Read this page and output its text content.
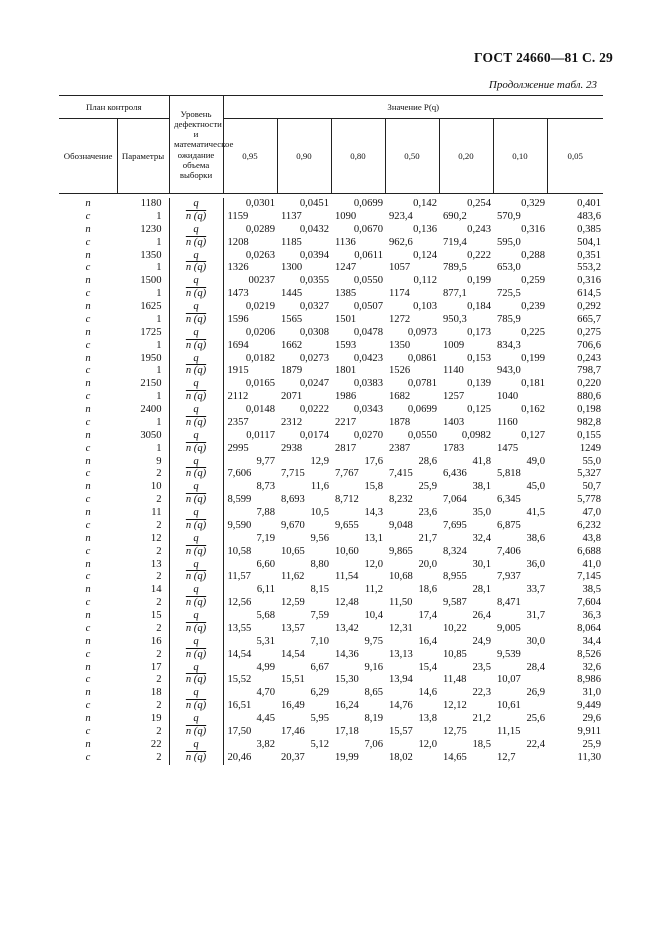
ГОСТ 24660—81 С. 29
Продолжение табл. 23
План контроля		Уровень дефектности и математическое ожидание объема выборки	Значение P(q)						
Обозначение	Параметры		0,95	0,90	0,80	0,50	0,20	0,10	0,05

n	1180	q	0,0301	0,0451	0,0699	0,142	0,254	0,329	0,401
c	1	n (q)	1159	1137	1090	923,4	690,2	570,9	483,6
n	1230	q	0,0289	0,0432	0,0670	0,136	0,243	0,316	0,385
c	1	n (q)	1208	1185	1136	962,6	719,4	595,0	504,1
n	1350	q	0,0263	0,0394	0,0611	0,124	0,222	0,288	0,351
c	1	n (q)	1326	1300	1247	1057	789,5	653,0	553,2
n	1500	q	00237	0,0355	0,0550	0,112	0,199	0,259	0,316
c	1	n (q)	1473	1445	1385	1174	877,1	725,5	614,5
n	1625	q	0,0219	0,0327	0,0507	0,103	0,184	0,239	0,292
c	1	n (q)	1596	1565	1501	1272	950,3	785,9	665,7
n	1725	q	0,0206	0,0308	0,0478	0,0973	0,173	0,225	0,275
c	1	n (q)	1694	1662	1593	1350	1009	834,3	706,6
n	1950	q	0,0182	0,0273	0,0423	0,0861	0,153	0,199	0,243
c	1	n (q)	1915	1879	1801	1526	1140	943,0	798,7
n	2150	q	0,0165	0,0247	0,0383	0,0781	0,139	0,181	0,220
c	1	n (q)	2112	2071	1986	1682	1257	1040	880,6
n	2400	q	0,0148	0,0222	0,0343	0,0699	0,125	0,162	0,198
c	1	n (q)	2357	2312	2217	1878	1403	1160	982,8
n	3050	q	0,0117	0,0174	0,0270	0,0550	0,0982	0,127	0,155
c	1	n (q)	2995	2938	2817	2387	1783	1475	1249
n	9	q	9,77	12,9	17,6	28,6	41,8	49,0	55,0
c	2	n (q)	7,606	7,715	7,767	7,415	6,436	5,818	5,327
n	10	q	8,73	11,6	15,8	25,9	38,1	45,0	50,7
c	2	n (q)	8,599	8,693	8,712	8,232	7,064	6,345	5,778
n	11	q	7,88	10,5	14,3	23,6	35,0	41,5	47,0
c	2	n (q)	9,590	9,670	9,655	9,048	7,695	6,875	6,232
n	12	q	7,19	9,56	13,1	21,7	32,4	38,6	43,8
c	2	n (q)	10,58	10,65	10,60	9,865	8,324	7,406	6,688
n	13	q	6,60	8,80	12,0	20,0	30,1	36,0	41,0
c	2	n (q)	11,57	11,62	11,54	10,68	8,955	7,937	7,145
n	14	q	6,11	8,15	11,2	18,6	28,1	33,7	38,5
c	2	n (q)	12,56	12,59	12,48	11,50	9,587	8,471	7,604
n	15	q	5,68	7,59	10,4	17,4	26,4	31,7	36,3
c	2	n (q)	13,55	13,57	13,42	12,31	10,22	9,005	8,064
n	16	q	5,31	7,10	9,75	16,4	24,9	30,0	34,4
c	2	n (q)	14,54	14,54	14,36	13,13	10,85	9,539	8,526
n	17	q	4,99	6,67	9,16	15,4	23,5	28,4	32,6
c	2	n (q)	15,52	15,51	15,30	13,94	11,48	10,07	8,986
n	18	q	4,70	6,29	8,65	14,6	22,3	26,9	31,0
c	2	n (q)	16,51	16,49	16,24	14,76	12,12	10,61	9,449
n	19	q	4,45	5,95	8,19	13,8	21,2	25,6	29,6
c	2	n (q)	17,50	17,46	17,18	15,57	12,75	11,15	9,911
n	22	q	3,82	5,12	7,06	12,0	18,5	22,4	25,9
c	2	n (q)	20,46	20,37	19,99	18,02	14,65	12,7	11,30
